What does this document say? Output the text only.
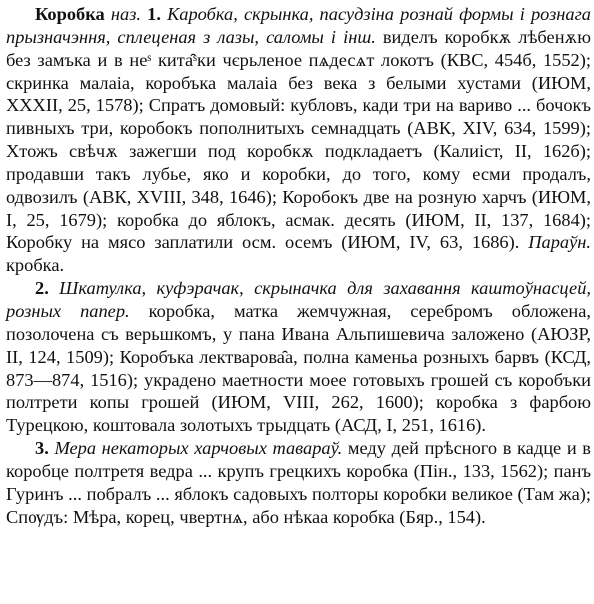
Коробка наз. 1. Каробка, скрынка, пасудзіна рознай формы і рознага прызначэння, сплеценая з лазы, саломы і інш. виделъ коробкѫ лѣбенѫю без замъка и в неˢ кита̑ˢки чєрьленое пѧдесѧт локотъ (КВС, 454б, 1552); скринка малаіа, коробъка малаіа без века з белыми хустами (ИЮМ, XXXII, 25, 1578); Спратъ домовый: кубловъ, кади три на вариво ... бочокъ пивныхъ три, коробокъ пополнитыхъ семнадцать (АВК, XIV, 634, 1599); Хтожъ свѣчѫ зажегши под коробкѫ подкладаетъ (Калиіст, II, 162б); продавши такъ лубье, яко и коробки, до того, кому есми продалъ, одвозилъ (АВК, XVIII, 348, 1646); Коробокъ две на розную харчъ (ИЮМ, I, 25, 1679); коробка до яблокъ, асмак. десять (ИЮМ, II, 137, 1684); Коробку на мясо заплатили осм. осемъ (ИЮМ, IV, 63, 1686). Параўн. кробка.

2. Шкатулка, куфэрачак, скрыначка для захавання каштоўнасцей, розных папер. коробка, матка жемчужная, серебромъ обложена, позолочена съ верьшкомъ, у пана Ивана Альпишевича заложено (АЮЗР, II, 124, 1509); Коробъка лектварова̑а, полна каменьа розныхъ барвъ (КСД, 873—874, 1516); украдено маетности моее готовыхъ грошей съ коробъки полтрети копы грошей (ИЮМ, VIII, 262, 1600); коробка з фарбою Турецкою, коштовала золотыхъ трыдцать (АСД, I, 251, 1616).

3. Мера некаторых харчовых тавараў. меду дей прѣсного в кадце и в коробце полтретя ведра ... крупъ грецкихъ коробка (Пін., 133, 1562); панъ Гуринъ ... побралъ ... яблокъ садовыхъ полторы коробки великое (Там жа); Спѹдъ: Мѣра, корец, чвертнѧ, або нѣкаа коробка (Бяр., 154).
